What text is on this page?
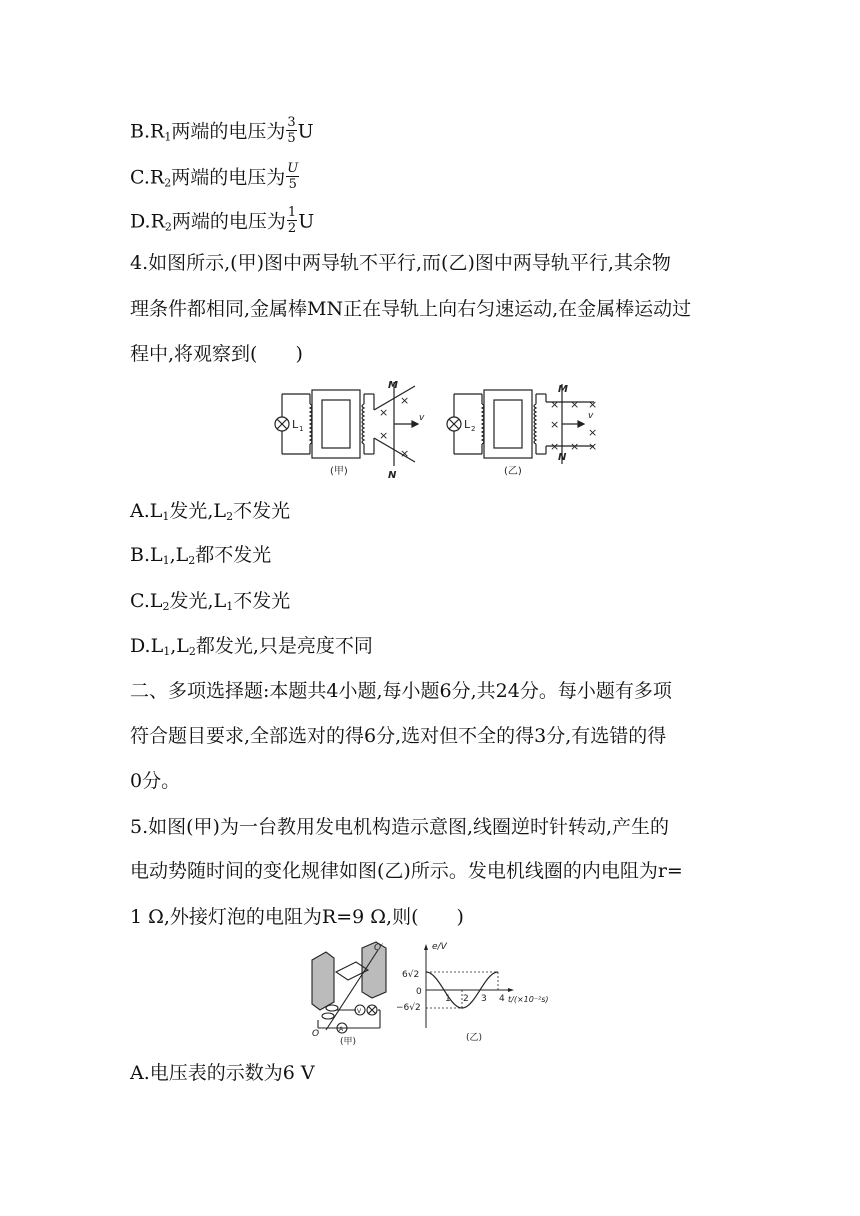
$B.R_1$两端的电压为 $\frac{3}{5}$ U
$C.R_2$两端的电压为 $\frac{U}{5}$
$D.R_2$两端的电压为 $\frac{1}{2}$ U
4.如图所示,(甲)图中两导轨不平行,而(乙)图中两导轨平行,其余物
理条件都相同,金属棒MN正在导轨上向右匀速运动,在金属棒运动过
程中,将观察到(　　)
L 1
M
N
v
×
×
×
×
(甲)
L 2
M
N
v
×
×
×
×
×
×
×
×
(乙)
$A.L_1$发光$,L_2$不发光
$B.L_1,L_2$都不发光
$C.L_2$发光$,L_1$不发光
$D.L_1,L_2$都发光,只是亮度不同
二、多项选择题:本题共4小题,每小题6分,共24分。每小题有多项
符合题目要求,全部选对的得6分,选对但不全的得3分,有选错的得
0分。
5.如图(甲)为一台教用发电机构造示意图,线圈逆时针转动,产生的
电动势随时间的变化规律如图(乙)所示。发电机线圈的内电阻为r=
1 Ω,外接灯泡的电阻为R=9 Ω,则(　　)
O′
O	A
V
(甲)
e/V
6√2
0
−6√2
1 2 3 4 t/(×10⁻²s)
(乙)
A.电压表的示数为6 V
